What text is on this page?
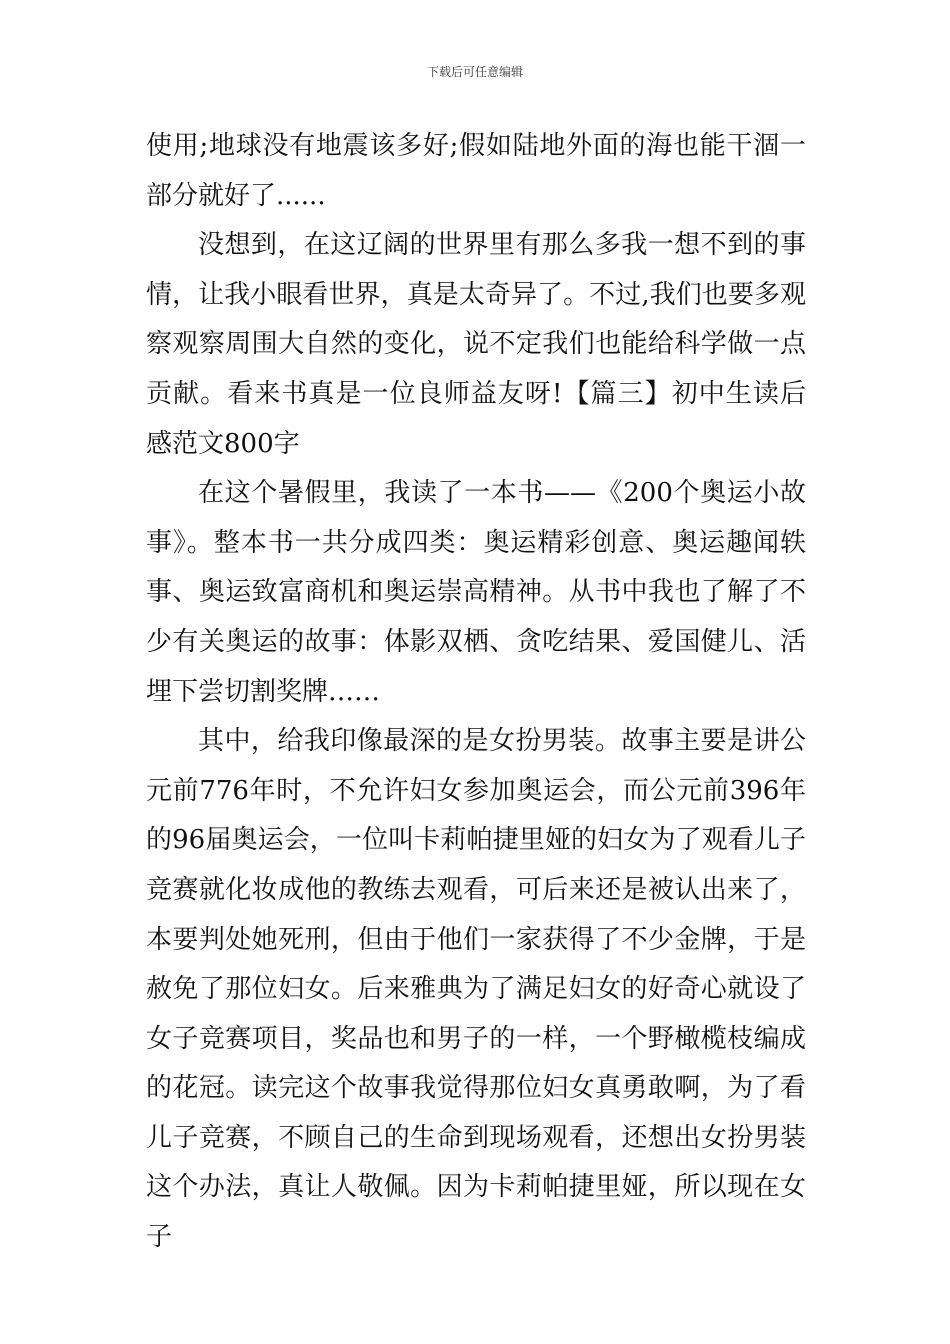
下载后可任意编辑

使用;地球没有地震该多好;假如陆地外面的海也能干涸一部分就好了......

没想到，在这辽阔的世界里有那么多我一想不到的事情，让我小眼看世界，真是太奇异了。不过,我们也要多观察观察周围大自然的变化，说不定我们也能给科学做一点贡献。看来书真是一位良师益友呀!【篇三】初中生读后感范文800字

在这个暑假里，我读了一本书——《200个奥运小故事》。整本书一共分成四类：奥运精彩创意、奥运趣闻轶事、奥运致富商机和奥运崇高精神。从书中我也了解了不少有关奥运的故事：体影双栖、贪吃结果、爱国健儿、活埋下尝切割奖牌……

其中，给我印像最深的是女扮男装。故事主要是讲公元前776年时，不允许妇女参加奥运会，而公元前396年的96届奥运会，一位叫卡莉帕捷里娅的妇女为了观看儿子竞赛就化妆成他的教练去观看，可后来还是被认出来了，本要判处她死刑，但由于他们一家获得了不少金牌，于是赦免了那位妇女。后来雅典为了满足妇女的好奇心就设了女子竞赛项目，奖品也和男子的一样，一个野橄榄枝编成的花冠。读完这个故事我觉得那位妇女真勇敢啊，为了看儿子竞赛，不顾自己的生命到现场观看，还想出女扮男装这个办法，真让人敬佩。因为卡莉帕捷里娅，所以现在女子
